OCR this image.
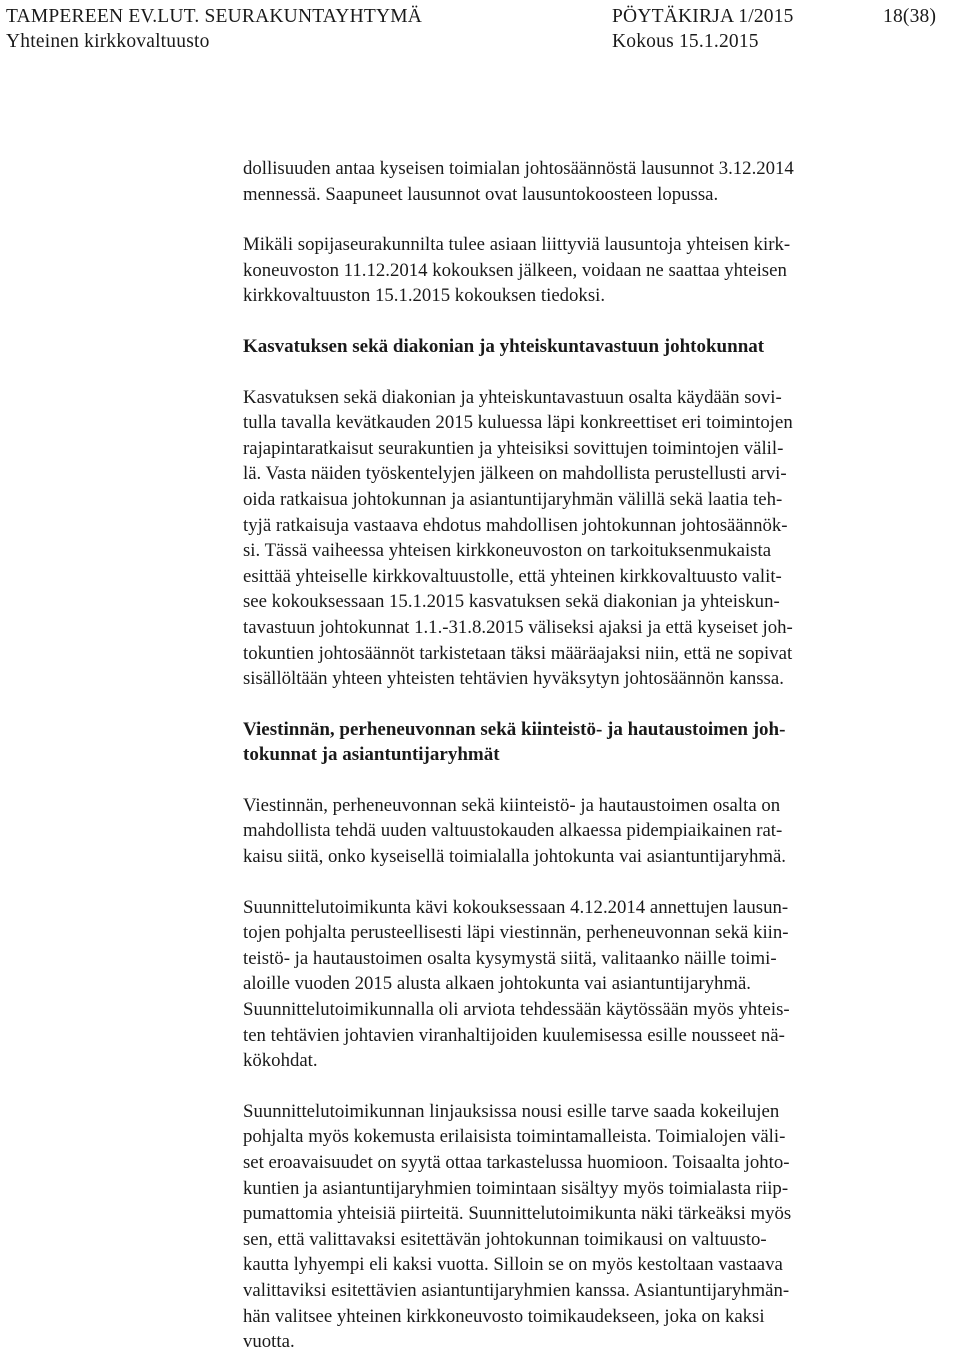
TAMPEREEN EV.LUT. SEURAKUNTAYHTYMÄ	PÖYTÄKIRJA 1/2015	18(38)
Yhteinen kirkkovaltuusto	Kokous 15.1.2015

dollisuuden antaa kyseisen toimialan johtosäännöstä lausunnot 3.12.2014
mennessä. Saapuneet lausunnot ovat lausuntokoosteen lopussa.

Mikäli sopijaseurakunnilta tulee asiaan liittyviä lausuntoja yhteisen kirk-
koneuvoston 11.12.2014 kokouksen jälkeen, voidaan ne saattaa yhteisen
kirkkovaltuuston 15.1.2015 kokouksen tiedoksi.

Kasvatuksen sekä diakonian ja yhteiskuntavastuun johtokunnat

Kasvatuksen sekä diakonian ja yhteiskuntavastuun osalta käydään sovi-
tulla tavalla kevätkauden 2015 kuluessa läpi konkreettiset eri toimintojen
rajapintaratkaisut seurakuntien ja yhteisiksi sovittujen toimintojen välil-
lä. Vasta näiden työskentelyjen jälkeen on mahdollista perustellusti arvi-
oida ratkaisua johtokunnan ja asiantuntijaryhmän välillä sekä laatia teh-
tyjä ratkaisuja vastaava ehdotus mahdollisen johtokunnan johtosäännök-
si. Tässä vaiheessa yhteisen kirkkoneuvoston on tarkoituksenmukaista
esittää yhteiselle kirkkovaltuustolle, että yhteinen kirkkovaltuusto valit-
see kokouksessaan 15.1.2015 kasvatuksen sekä diakonian ja yhteiskun-
tavastuun johtokunnat 1.1.-31.8.2015 väliseksi ajaksi ja että kyseiset joh-
tokuntien johtosäännöt tarkistetaan täksi määräajaksi niin, että ne sopivat
sisällöltään yhteen yhteisten tehtävien hyväksytyn johtosäännön kanssa.

Viestinnän, perheneuvonnan sekä kiinteistö- ja hautaustoimen joh-
tokunnat ja asiantuntijaryhmät

Viestinnän, perheneuvonnan sekä kiinteistö- ja hautaustoimen osalta on
mahdollista tehdä uuden valtuustokauden alkaessa pidempiaikainen rat-
kaisu siitä, onko kyseisellä toimialalla johtokunta vai asiantuntijaryhmä.

Suunnittelutoimikunta kävi kokouksessaan 4.12.2014 annettujen lausun-
tojen pohjalta perusteellisesti läpi viestinnän, perheneuvonnan sekä kiin-
teistö- ja hautaustoimen osalta kysymystä siitä, valitaanko näille toimi-
aloille vuoden 2015 alusta alkaen johtokunta vai asiantuntijaryhmä.
Suunnittelutoimikunnalla oli arviota tehdessään käytössään myös yhteis-
ten tehtävien johtavien viranhaltijoiden kuulemisessa esille nousseet nä-
kökohdat.

Suunnittelutoimikunnan linjauksissa nousi esille tarve saada kokeilujen
pohjalta myös kokemusta erilaisista toimintamalleista. Toimialojen väli-
set eroavaisuudet on syytä ottaa tarkastelussa huomioon. Toisaalta johto-
kuntien ja asiantuntijaryhmien toimintaan sisältyy myös toimialasta riip-
pumattomia yhteisiä piirteitä. Suunnittelutoimikunta näki tärkeäksi myös
sen, että valittavaksi esitettävän johtokunnan toimikausi on valtuusto-
kautta lyhyempi eli kaksi vuotta. Silloin se on myös kestoltaan vastaava
valittaviksi esitettävien asiantuntijaryhmien kanssa. Asiantuntijaryhmän-
hän valitsee yhteinen kirkkoneuvosto toimikaudekseen, joka on kaksi
vuotta.
